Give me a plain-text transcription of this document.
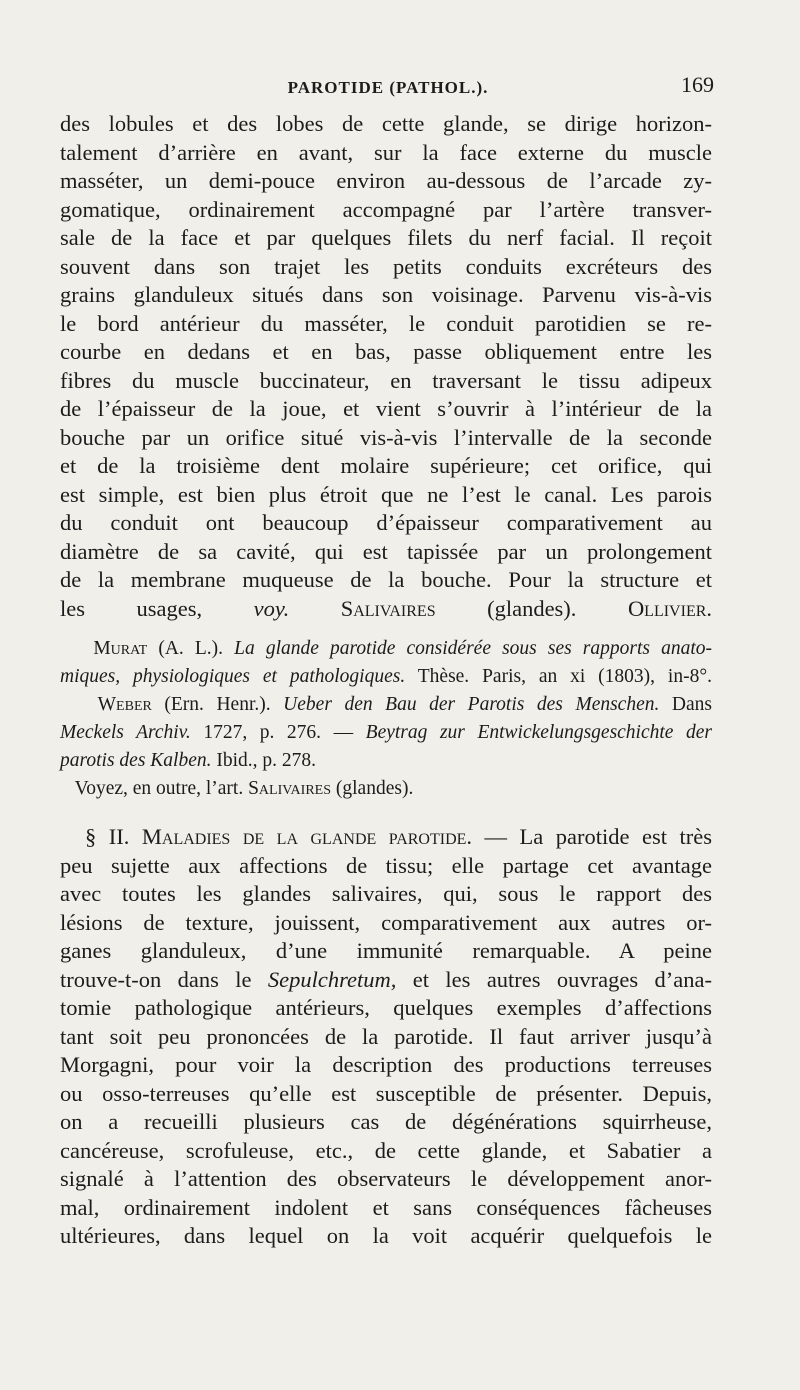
PAROTIDE (PATHOL.).	169
des lobules et des lobes de cette glande, se dirige horizon-
talement d’arrière en avant, sur la face externe du muscle
masséter, un demi-pouce environ au-dessous de l’arcade zy-
gomatique, ordinairement accompagné par l’artère transver-
sale de la face et par quelques filets du nerf facial. Il reçoit
souvent dans son trajet les petits conduits excréteurs des
grains glanduleux situés dans son voisinage. Parvenu vis-à-vis
le bord antérieur du masséter, le conduit parotidien se re-
courbe en dedans et en bas, passe obliquement entre les
fibres du muscle buccinateur, en traversant le tissu adipeux
de l’épaisseur de la joue, et vient s’ouvrir à l’intérieur de la
bouche par un orifice situé vis-à-vis l’intervalle de la seconde
et de la troisième dent molaire supérieure; cet orifice, qui
est simple, est bien plus étroit que ne l’est le canal. Les parois
du conduit ont beaucoup d’épaisseur comparativement au
diamètre de sa cavité, qui est tapissée par un prolongement
de la membrane muqueuse de la bouche. Pour la structure et
les usages, voy. Salivaires (glandes). Ollivier.
Murat (A. L.). La glande parotide considérée sous ses rapports anato-
miques, physiologiques et pathologiques. Thèse. Paris, an xi (1803), in-8°.
Weber (Ern. Henr.). Ueber den Bau der Parotis des Menschen. Dans
Meckels Archiv. 1727, p. 276. — Beytrag zur Entwickelungsgeschichte der
parotis des Kalben. Ibid., p. 278.
Voyez, en outre, l’art. Salivaires (glandes).
§ II. Maladies de la glande parotide. — La parotide est très
peu sujette aux affections de tissu; elle partage cet avantage
avec toutes les glandes salivaires, qui, sous le rapport des
lésions de texture, jouissent, comparativement aux autres or-
ganes glanduleux, d’une immunité remarquable. A peine
trouve-t-on dans le Sepulchretum, et les autres ouvrages d’ana-
tomie pathologique antérieurs, quelques exemples d’affections
tant soit peu prononcées de la parotide. Il faut arriver jusqu’à
Morgagni, pour voir la description des productions terreuses
ou osso-terreuses qu’elle est susceptible de présenter. Depuis,
on a recueilli plusieurs cas de dégénérations squirrheuse,
cancéreuse, scrofuleuse, etc., de cette glande, et Sabatier a
signalé à l’attention des observateurs le développement anor-
mal, ordinairement indolent et sans conséquences fâcheuses
ultérieures, dans lequel on la voit acquérir quelquefois le
